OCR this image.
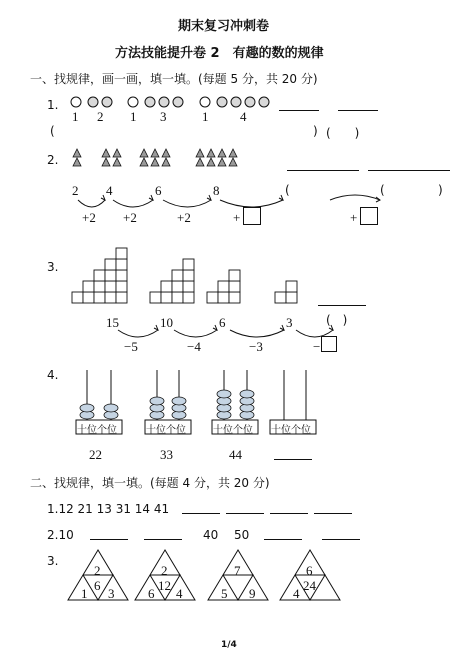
期末复习冲刺卷
方法技能提升卷 2　有趣的数的规律
一、找规律，画一画，填一填。(每题 5 分，共 20 分)
1.
1 2 1 3	1 4
(	) (　　)
2.
2 4	6	8	(	(	)
+2 +2	+2	+	+
3.
15	10	6	3	(　)
−5	−4	−3	−
4.
十位个位	十位个位	十位个位 十位个位
22	33	44
二、找规律，填一填。(每题 4 分，共 20 分)
1.12 21 13 31 14 41
2.10	40 50
3.
2
6
1 3
2
12
6 4
7
5 9
6
24
4
1/4
